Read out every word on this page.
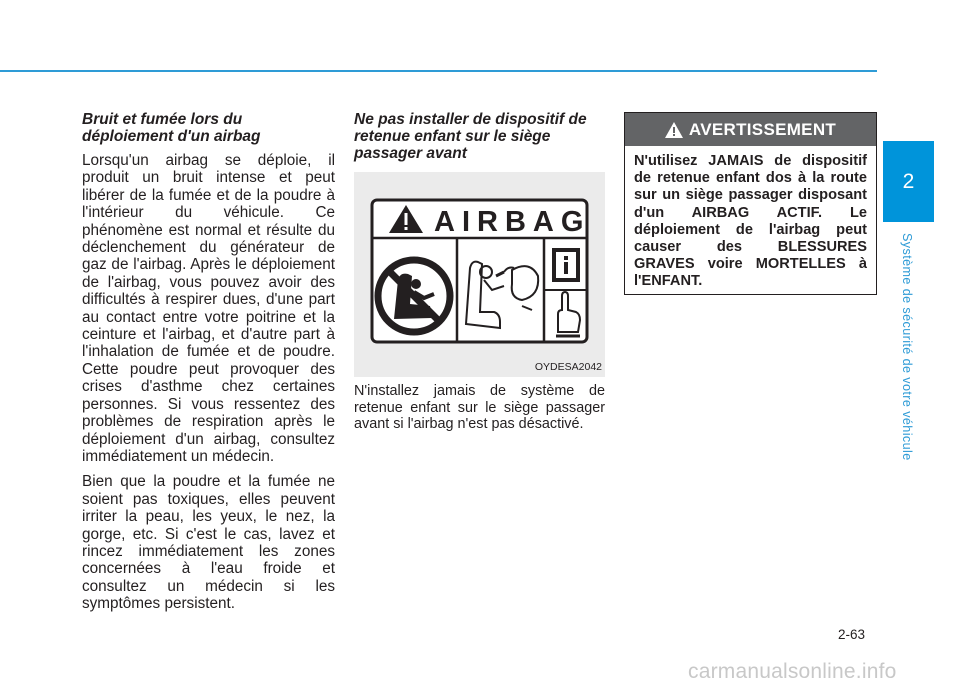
Bruit et fumée lors du déploiement d'un airbag

Lorsqu'un airbag se déploie, il produit un bruit intense et peut libérer de la fumée et de la poudre à l'intérieur du véhicule. Ce phénomène est normal et résulte du déclenchement du générateur de gaz de l'airbag. Après le déploiement de l'airbag, vous pouvez avoir des difficultés à respirer dues, d'une part au contact entre votre poitrine et la ceinture et l'airbag, et d'autre part à l'inhalation de fumée et de poudre. Cette poudre peut provoquer des crises d'asthme chez certaines personnes. Si vous ressentez des problèmes de respiration après le déploiement d'un airbag, consultez immédiatement un médecin.

Bien que la poudre et la fumée ne soient pas toxiques, elles peuvent irriter la peau, les yeux, le nez, la gorge, etc. Si c'est le cas, lavez et rincez immédiatement les zones concernées à l'eau froide et consultez un médecin si les symptômes persistent.

Ne pas installer de dispositif de retenue enfant sur le siège passager avant
AIRBAG
OYDESA2042

N'installez jamais de système de retenue enfant sur le siège passager avant si l'airbag n'est pas désactivé.

AVERTISSEMENT
N'utilisez JAMAIS de dispositif de retenue enfant dos à la route sur un siège passager disposant d'un AIRBAG ACTIF. Le déploiement de l'airbag peut causer des BLESSURES GRAVES voire MORTELLES à l'ENFANT.
2
Système de sécurité de votre véhicule
2-63
carmanualsonline.info
